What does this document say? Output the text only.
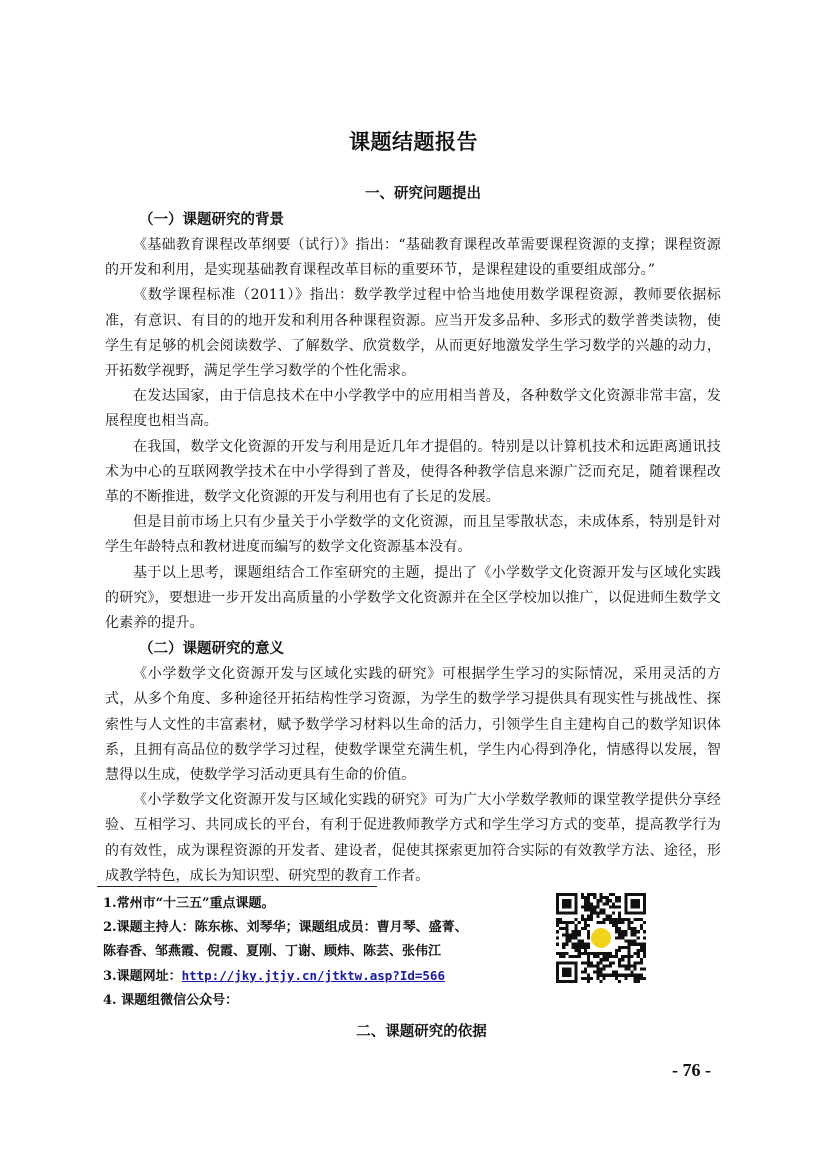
课题结题报告

一、研究问题提出

（一）课题研究的背景

《基础教育课程改革纲要（试行）》指出：“基础教育课程改革需要课程资源的支撑；课程资源的开发和利用，是实现基础教育课程改革目标的重要环节，是课程建设的重要组成部分。”

《数学课程标准（2011）》指出：数学教学过程中恰当地使用数学课程资源，教师要依据标准，有意识、有目的的地开发和利用各种课程资源。应当开发多品种、多形式的数学普类读物，使学生有足够的机会阅读数学、了解数学、欣赏数学，从而更好地激发学生学习数学的兴趣的动力，开拓数学视野，满足学生学习数学的个性化需求。

在发达国家，由于信息技术在中小学教学中的应用相当普及，各种数学文化资源非常丰富，发展程度也相当高。

在我国，数学文化资源的开发与利用是近几年才提倡的。特别是以计算机技术和远距离通讯技术为中心的互联网教学技术在中小学得到了普及，使得各种教学信息来源广泛而充足，随着课程改革的不断推进，数学文化资源的开发与利用也有了长足的发展。

但是目前市场上只有少量关于小学数学的文化资源，而且呈零散状态，未成体系，特别是针对学生年龄特点和教材进度而编写的数学文化资源基本没有。

基于以上思考，课题组结合工作室研究的主题，提出了《小学数学文化资源开发与区域化实践的研究》，要想进一步开发出高质量的小学数学文化资源并在全区学校加以推广，以促进师生数学文化素养的提升。

（二）课题研究的意义

《小学数学文化资源开发与区域化实践的研究》可根据学生学习的实际情况，采用灵活的方式，从多个角度、多种途径开拓结构性学习资源，为学生的数学学习提供具有现实性与挑战性、探索性与人文性的丰富素材，赋予数学学习材料以生命的活力，引领学生自主建构自己的数学知识体系，且拥有高品位的数学学习过程，使数学课堂充满生机，学生内心得到净化，情感得以发展，智慧得以生成，使数学学习活动更具有生命的价值。

《小学数学文化资源开发与区域化实践的研究》可为广大小学数学教师的课堂教学提供分享经验、互相学习、共同成长的平台，有利于促进教师教学方式和学生学习方式的变革，提高教学行为的有效性，成为课程资源的开发者、建设者，促使其探索更加符合实际的有效教学方法、途径，形成教学特色，成长为知识型、研究型的教育工作者。

1.常州市“十三五”重点课题。

2.课题主持人：陈东栋、刘琴华；课题组成员：曹月琴、盛菁、

陈春香、邹燕霞、倪霞、夏刚、丁谢、顾炜、陈芸、张伟江

3.课题网址：http://jky.jtjy.cn/jtktw.asp?Id=566

4. 课题组微信公众号：

二、课题研究的依据
- 76 -
